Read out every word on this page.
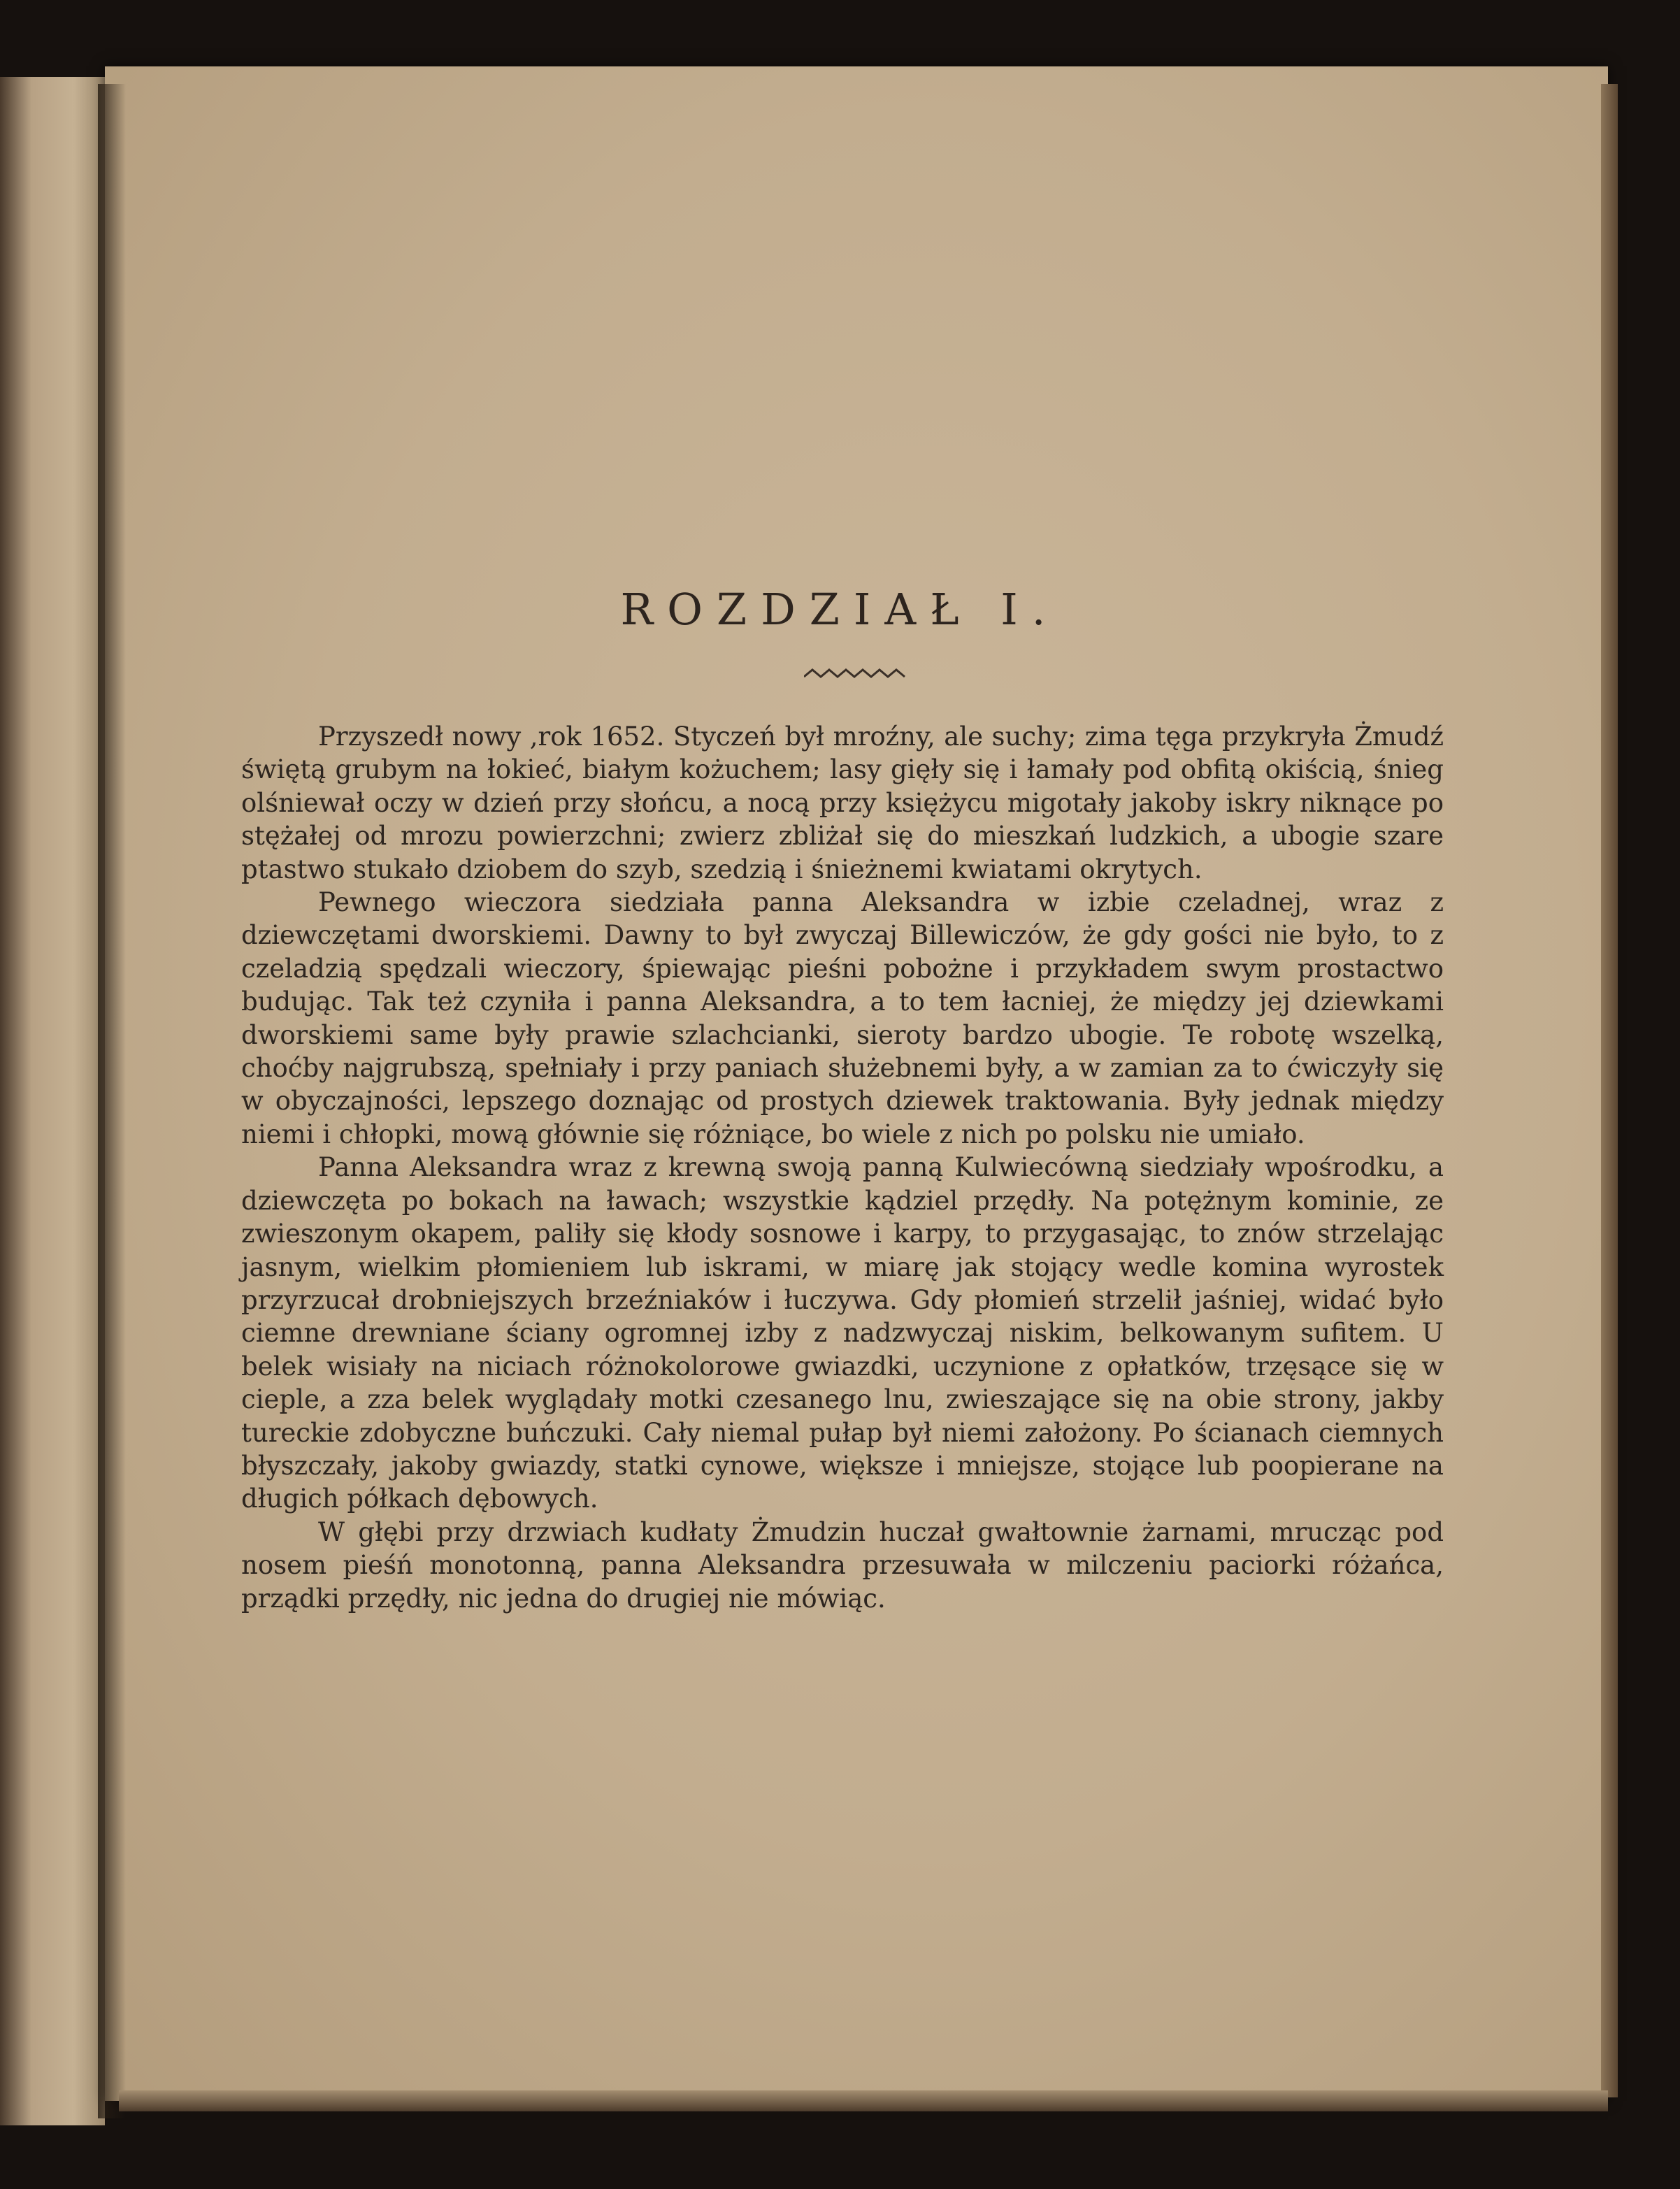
ROZDZIAŁ I.

Przyszedł nowy ,rok 1652. Styczeń był mroźny, ale suchy; zima tęga przykryła Żmudź świętą grubym na łokieć, białym kożuchem; lasy gięły się i łamały pod obfitą okiścią, śnieg olśniewał oczy w dzień przy słońcu, a nocą przy księżycu migotały jakoby iskry niknące po stężałej od mrozu powierzchni; zwierz zbliżał się do mieszkań ludzkich, a ubogie szare ptastwo stukało dziobem do szyb, szedzią i śnieżnemi kwiatami okrytych.

Pewnego wieczora siedziała panna Aleksandra w izbie czeladnej, wraz z dziewczętami dworskiemi. Dawny to był zwyczaj Billewiczów, że gdy gości nie było, to z czeladzią spędzali wieczory, śpiewając pieśni pobożne i przykładem swym prostactwo budując. Tak też czyniła i panna Aleksandra, a to tem łacniej, że między jej dziewkami dworskiemi same były prawie szlachcianki, sieroty bardzo ubogie. Te robotę wszelką, choćby najgrubszą, spełniały i przy paniach służebnemi były, a w zamian za to ćwiczyły się w obyczajności, lepszego doznając od prostych dziewek traktowania. Były jednak między niemi i chłopki, mową głównie się różniące, bo wiele z nich po polsku nie umiało.

Panna Aleksandra wraz z krewną swoją panną Kulwiecówną siedziały wpośrodku, a dziewczęta po bokach na ławach; wszystkie kądziel przędły. Na potężnym kominie, ze zwieszonym okapem, paliły się kłody sosnowe i karpy, to przygasając, to znów strzelając jasnym, wielkim płomieniem lub iskrami, w miarę jak stojący wedle komina wyrostek przyrzucał drobniejszych brzeźniaków i łuczywa. Gdy płomień strzelił jaśniej, widać było ciemne drewniane ściany ogromnej izby z nadzwyczaj niskim, belkowanym sufitem. U belek wisiały na niciach różnokolorowe gwiazdki, uczynione z opłatków, trzęsące się w cieple, a zza belek wyglądały motki czesanego lnu, zwieszające się na obie strony, jakby tureckie zdobyczne buńczuki. Cały niemal pułap był niemi założony. Po ścianach ciemnych błyszczały, jakoby gwiazdy, statki cynowe, większe i mniejsze, stojące lub poopierane na długich półkach dębowych.

W głębi przy drzwiach kudłaty Żmudzin huczał gwałtownie żarnami, mrucząc pod nosem pieśń monotonną, panna Aleksandra przesuwała w milczeniu paciorki różańca, prządki przędły, nic jedna do drugiej nie mówiąc.
